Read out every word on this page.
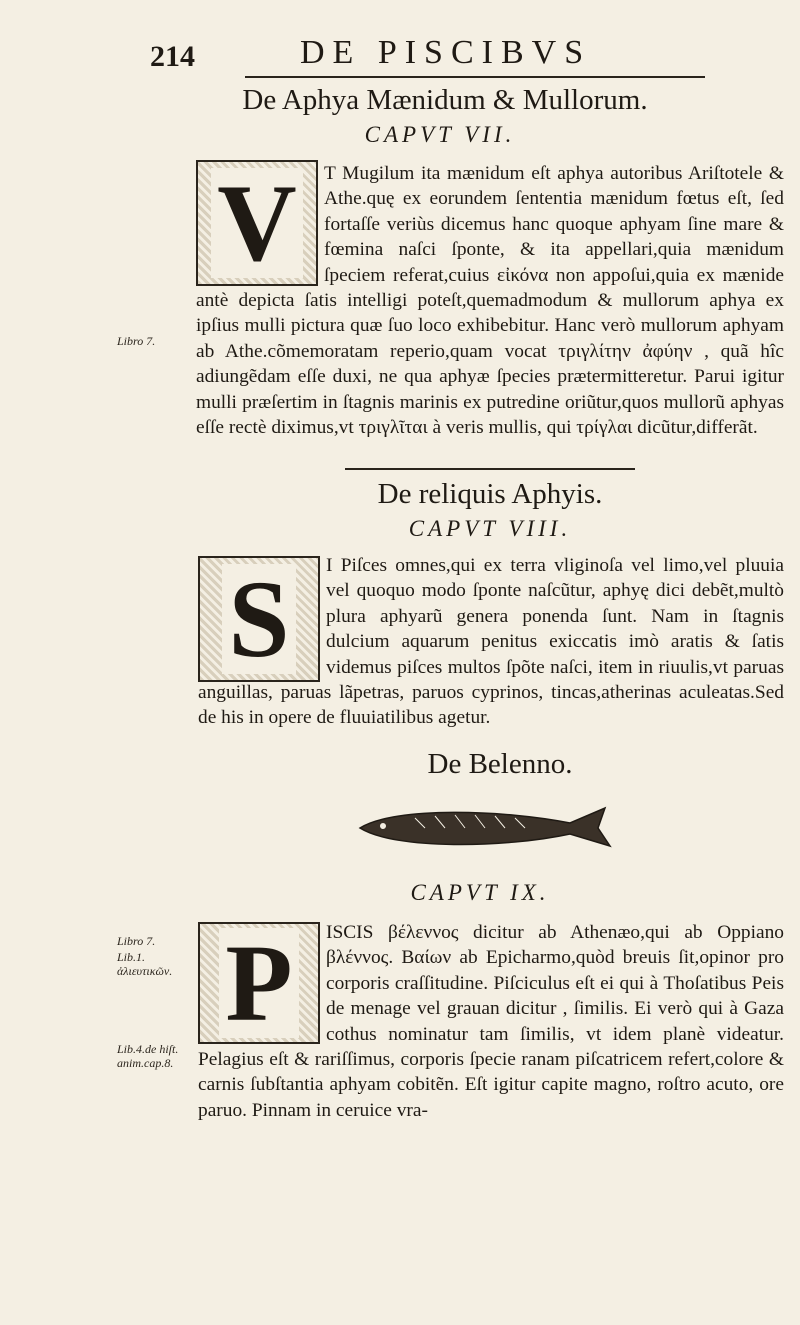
214	DE PISCIBVS
De Aphya Mænidum & Mullorum.
CAPVT VII.
V	T Mugilum ita mænidum eſt aphya autoribus Ariſtotele & Athe.quę ex eorundem ſententia mænidum fœtus eſt, ſed fortaſſe veriùs dicemus hanc quoque aphyam ſine mare & fœmina naſci ſponte, & ita appellari,quia mænidum ſpeciem referat,cuius εἰκόνα non appoſui,quia ex mænide antè depicta ſatis intelligi poteſt,quemadmodum & mullorum aphya ex ipſius mulli pictura quæ ſuo loco exhibebitur. Hanc verò mullorum aphyam ab Athe.cõmemoratam reperio,quam vocat τριγλίτην ἀφύην , quã hîc adiungẽdam eſſe duxi, ne qua aphyæ ſpecies prætermitteretur. Parui igitur mulli præſertim in ſtagnis marinis ex putredine oriũtur,quos mullorũ aphyas eſſe rectè diximus,vt τριγλῖται à veris mullis, qui τρίγλαι dicũtur,differãt.

De reliquis Aphyis.
CAPVT VIII.
S	I Piſces omnes,qui ex terra vliginoſa vel limo,vel pluuia vel quoquo modo ſponte naſcũtur, aphyę dici debẽt,multò plura aphyarũ genera ponenda ſunt. Nam in ſtagnis dulcium aquarum penitus exiccatis imò aratis & ſatis videmus piſces multos ſpõte naſci, item in riuulis,vt paruas anguillas, paruas lãpetras, paruos cyprinos, tincas,atherinas aculeatas.Sed de his in opere de fluuiatilibus agetur.

De Belenno.
CAPVT IX.
P	ISCIS βέλεννος dicitur ab Athenæo,qui ab Oppiano βλέννος. Βαίων ab Epicharmo,quòd breuis ſit,opinor pro corporis craſſitudine. Piſciculus eſt ei qui à Thoſatibus Peis de menage vel grauan dicitur , ſimilis. Ei verò qui à Gaza cothus nominatur tam ſimilis, vt idem planè videatur. Pelagius eſt & rariſſimus, corporis ſpecie ranam piſcatricem refert,colore & carnis ſubſtantia aphyam cobitẽn. Eſt igitur capite magno, roſtro acuto, ore paruo. Pinnam in ceruice vra-

Libro 7.
Libro 7.
Lib.1. ἁλιευτικῶν.
Lib.4.de hiſt. anim.cap.8.
